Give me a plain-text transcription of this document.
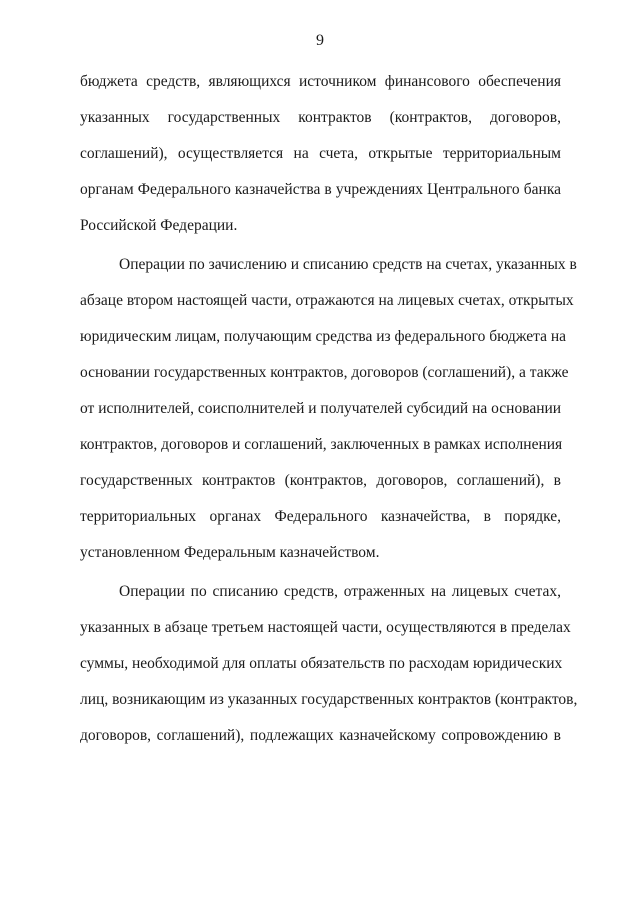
9
бюджета средств, являющихся источником финансового обеспечения
указанных государственных контрактов (контрактов, договоров,
соглашений), осуществляется на счета, открытые территориальным
органам Федерального казначейства в учреждениях Центрального банка
Российской Федерации.
Операции по зачислению и списанию средств на счетах, указанных в
абзаце втором настоящей части, отражаются на лицевых счетах, открытых
юридическим лицам, получающим средства из федерального бюджета на
основании государственных контрактов, договоров (соглашений), а также
от исполнителей, соисполнителей и получателей субсидий на основании
контрактов, договоров и соглашений, заключенных в рамках исполнения
государственных контрактов (контрактов, договоров, соглашений), в
территориальных органах Федерального казначейства, в порядке,
установленном Федеральным казначейством.
Операции по списанию средств, отраженных на лицевых счетах,
указанных в абзаце третьем настоящей части, осуществляются в пределах
суммы, необходимой для оплаты обязательств по расходам юридических
лиц, возникающим из указанных государственных контрактов (контрактов,
договоров, соглашений), подлежащих казначейскому сопровождению в
